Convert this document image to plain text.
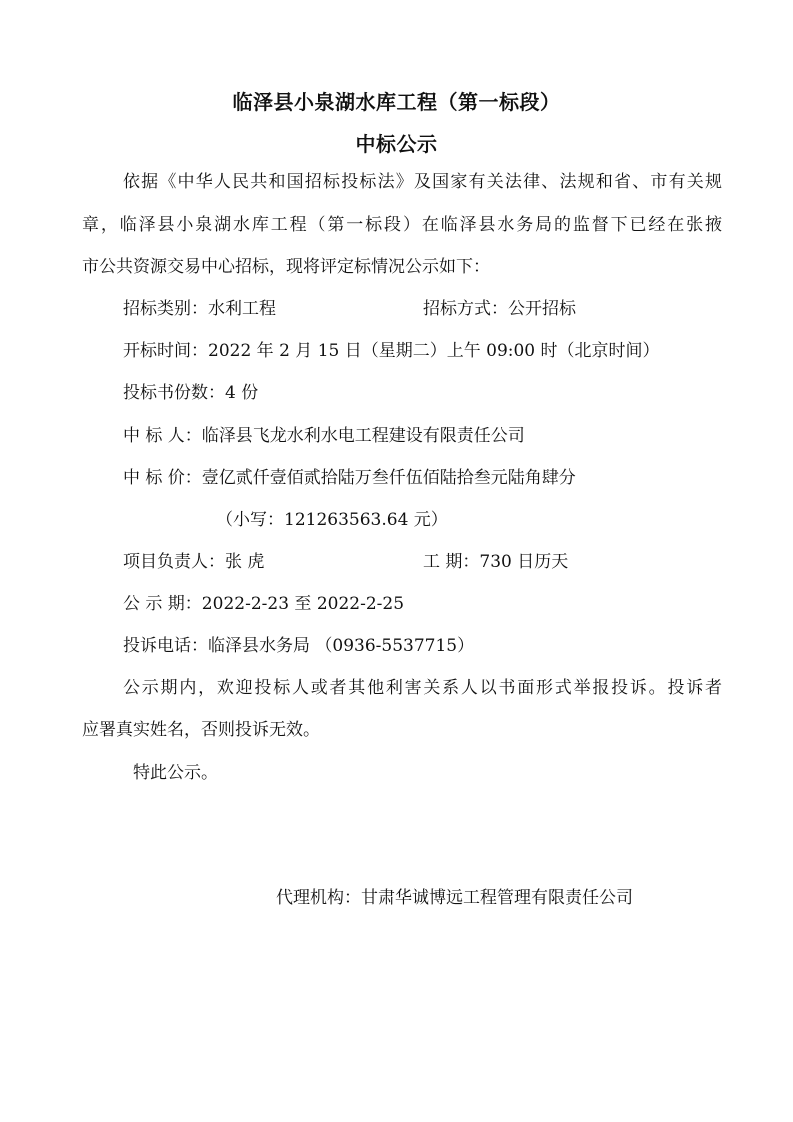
临泽县小泉湖水库工程（第一标段）
中标公示
依据《中华人民共和国招标投标法》及国家有关法律、法规和省、市有关规
章，临泽县小泉湖水库工程（第一标段）在临泽县水务局的监督下已经在张掖
市公共资源交易中心招标，现将评定标情况公示如下：
招标类别：水利工程	招标方式：公开招标
开标时间：2022 年 2 月 15 日（星期二）上午 09:00 时（北京时间）
投标书份数：4 份
中 标 人：临泽县飞龙水利水电工程建设有限责任公司
中 标 价：壹亿贰仟壹佰贰拾陆万叁仟伍佰陆拾叁元陆角肆分
（小写：121263563.64 元）
项目负责人：张 虎	工 期：730 日历天
公 示 期：2022-2-23 至 2022-2-25
投诉电话：临泽县水务局 （0936-5537715）
公示期内，欢迎投标人或者其他利害关系人以书面形式举报投诉。投诉者
应署真实姓名，否则投诉无效。
特此公示。
代理机构：甘肃华诚博远工程管理有限责任公司
